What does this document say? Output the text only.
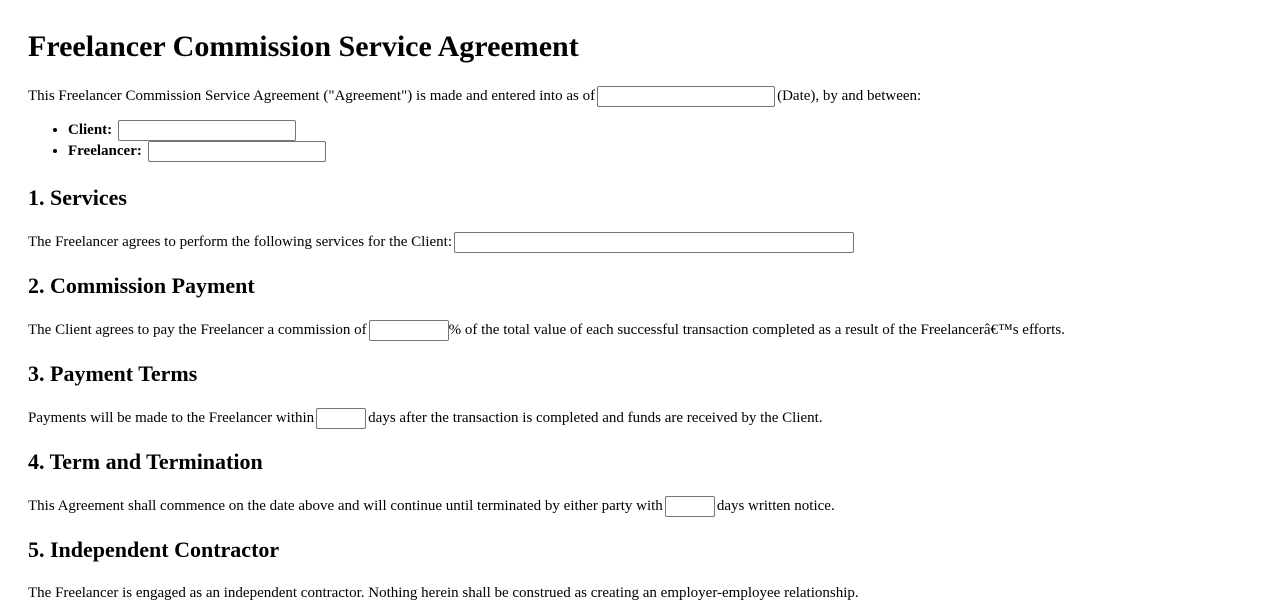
Freelancer Commission Service Agreement
This Freelancer Commission Service Agreement ("Agreement") is made and entered into as of	(Date), by and between:
• Client:
• Freelancer:
1. Services
The Freelancer agrees to perform the following services for the Client:
2. Commission Payment
The Client agrees to pay the Freelancer a commission of	% of the total value of each successful transaction completed as a result of the Freelancerâ€™s efforts.
3. Payment Terms
Payments will be made to the Freelancer within	days after the transaction is completed and funds are received by the Client.
4. Term and Termination
This Agreement shall commence on the date above and will continue until terminated by either party with	days written notice.
5. Independent Contractor
The Freelancer is engaged as an independent contractor. Nothing herein shall be construed as creating an employer-employee relationship.
